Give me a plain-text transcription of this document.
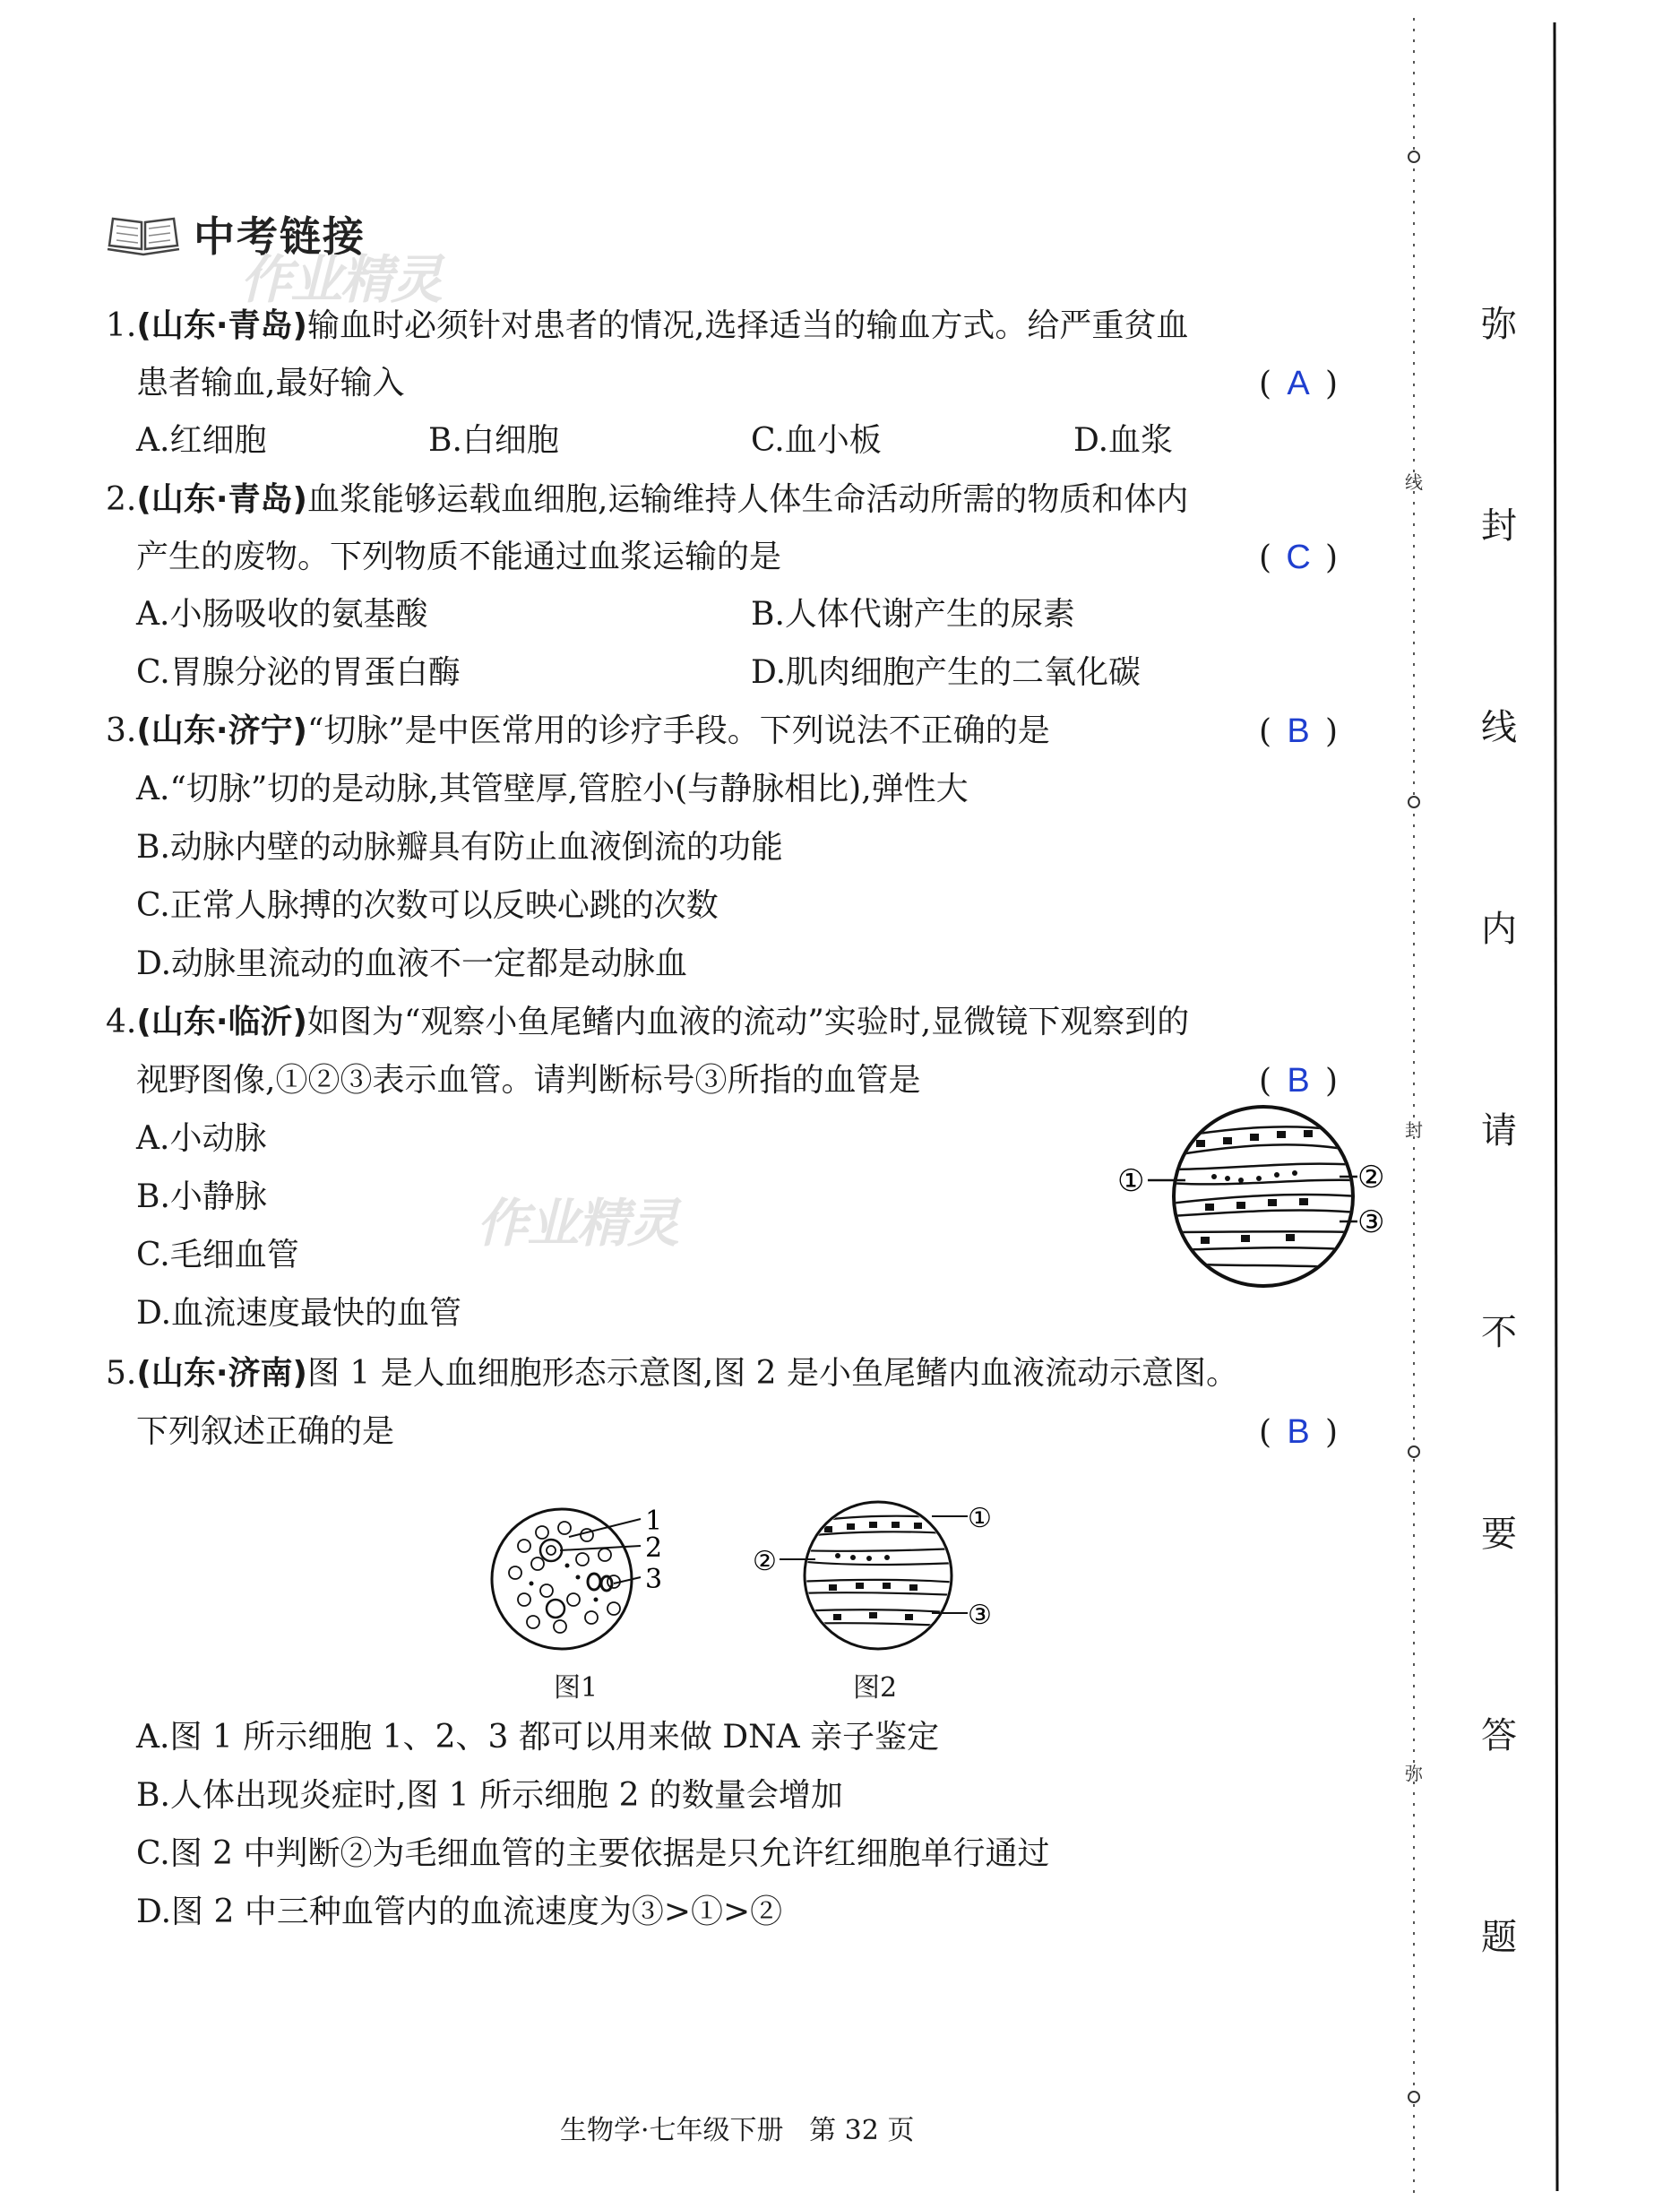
中考链接
作业精灵
作业精灵
1.(山东·青岛)输血时必须针对患者的情况,选择适当的输血方式。给严重贫血
患者输血,最好输入	( A )
A.红细胞	B.白细胞	C.血小板	D.血浆
2.(山东·青岛)血浆能够运载血细胞,运输维持人体生命活动所需的物质和体内
产生的废物。下列物质不能通过血浆运输的是	( C )
A.小肠吸收的氨基酸	B.人体代谢产生的尿素
C.胃腺分泌的胃蛋白酶	D.肌肉细胞产生的二氧化碳
3.(山东·济宁)“切脉”是中医常用的诊疗手段。下列说法不正确的是	( B )
A.“切脉”切的是动脉,其管壁厚,管腔小(与静脉相比),弹性大
B.动脉内壁的动脉瓣具有防止血液倒流的功能
C.正常人脉搏的次数可以反映心跳的次数
D.动脉里流动的血液不一定都是动脉血
4.(山东·临沂)如图为“观察小鱼尾鳍内血液的流动”实验时,显微镜下观察到的
视野图像,①②③表示血管。请判断标号③所指的血管是	( B )
A.小动脉
B.小静脉
C.毛细血管
D.血流速度最快的血管
①	②
③
5.(山东·济南)图 1 是人血细胞形态示意图,图 2 是小鱼尾鳍内血液流动示意图。
下列叙述正确的是	( B )
1
2
3
图1
①
②
③
图2
A.图 1 所示细胞 1、2、3 都可以用来做 DNA 亲子鉴定
B.人体出现炎症时,图 1 所示细胞 2 的数量会增加
C.图 2 中判断②为毛细血管的主要依据是只允许红细胞单行通过
D.图 2 中三种血管内的血流速度为③>①>②
线
封
弥
弥
封
线
内
请
不
要
答
题
生物学·七年级下册   第 32 页
